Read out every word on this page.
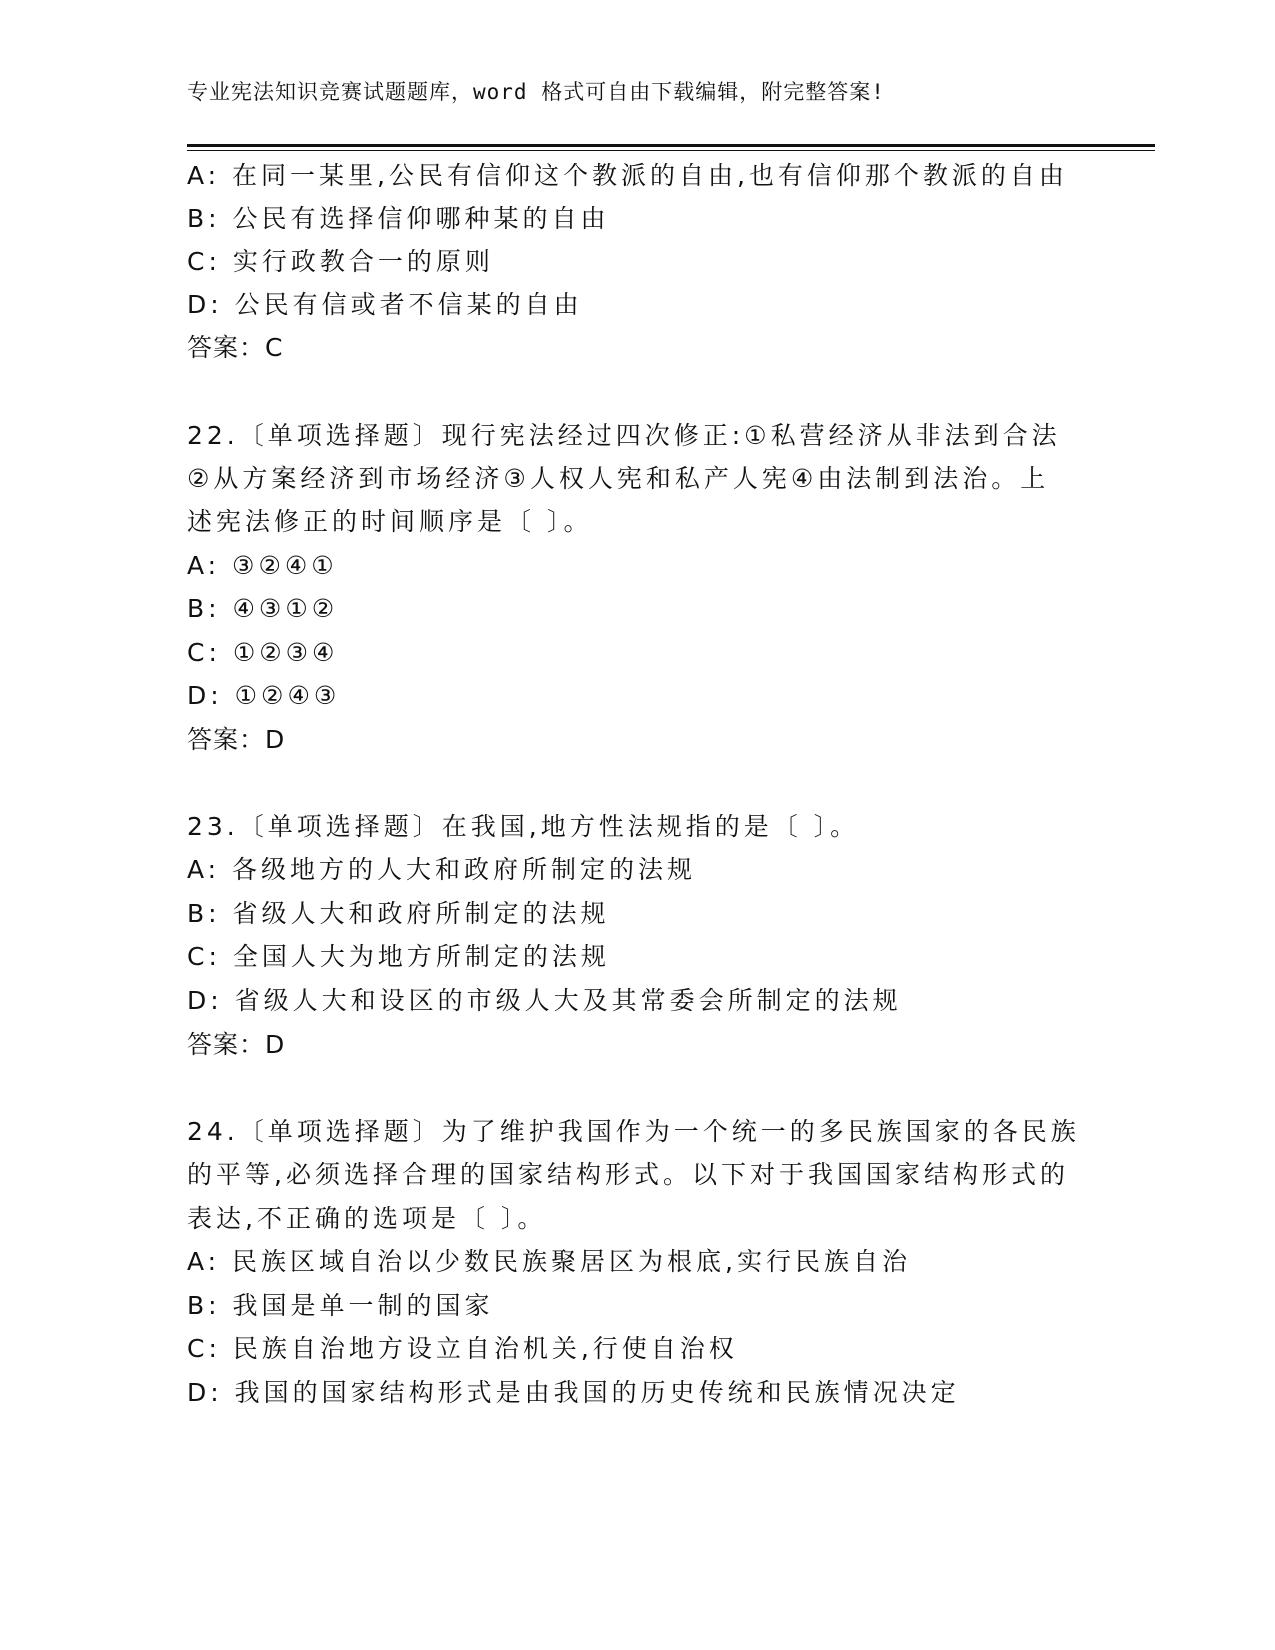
专业宪法知识竞赛试题题库，word 格式可自由下载编辑，附完整答案!
A: 在同一某里,公民有信仰这个教派的自由,也有信仰那个教派的自由
B: 公民有选择信仰哪种某的自由
C: 实行政教合一的原则
D: 公民有信或者不信某的自由
答案：C
22.〔单项选择题〕现行宪法经过四次修正:①私营经济从非法到合法
②从方案经济到市场经济③人权人宪和私产人宪④由法制到法治。上
述宪法修正的时间顺序是〔 〕。
A: ③②④①
B: ④③①②
C: ①②③④
D: ①②④③
答案：D
23.〔单项选择题〕在我国,地方性法规指的是〔 〕。
A: 各级地方的人大和政府所制定的法规
B: 省级人大和政府所制定的法规
C: 全国人大为地方所制定的法规
D: 省级人大和设区的市级人大及其常委会所制定的法规
答案：D
24.〔单项选择题〕为了维护我国作为一个统一的多民族国家的各民族
的平等,必须选择合理的国家结构形式。以下对于我国国家结构形式的
表达,不正确的选项是〔 〕。
A: 民族区域自治以少数民族聚居区为根底,实行民族自治
B: 我国是单一制的国家
C: 民族自治地方设立自治机关,行使自治权
D: 我国的国家结构形式是由我国的历史传统和民族情况决定
